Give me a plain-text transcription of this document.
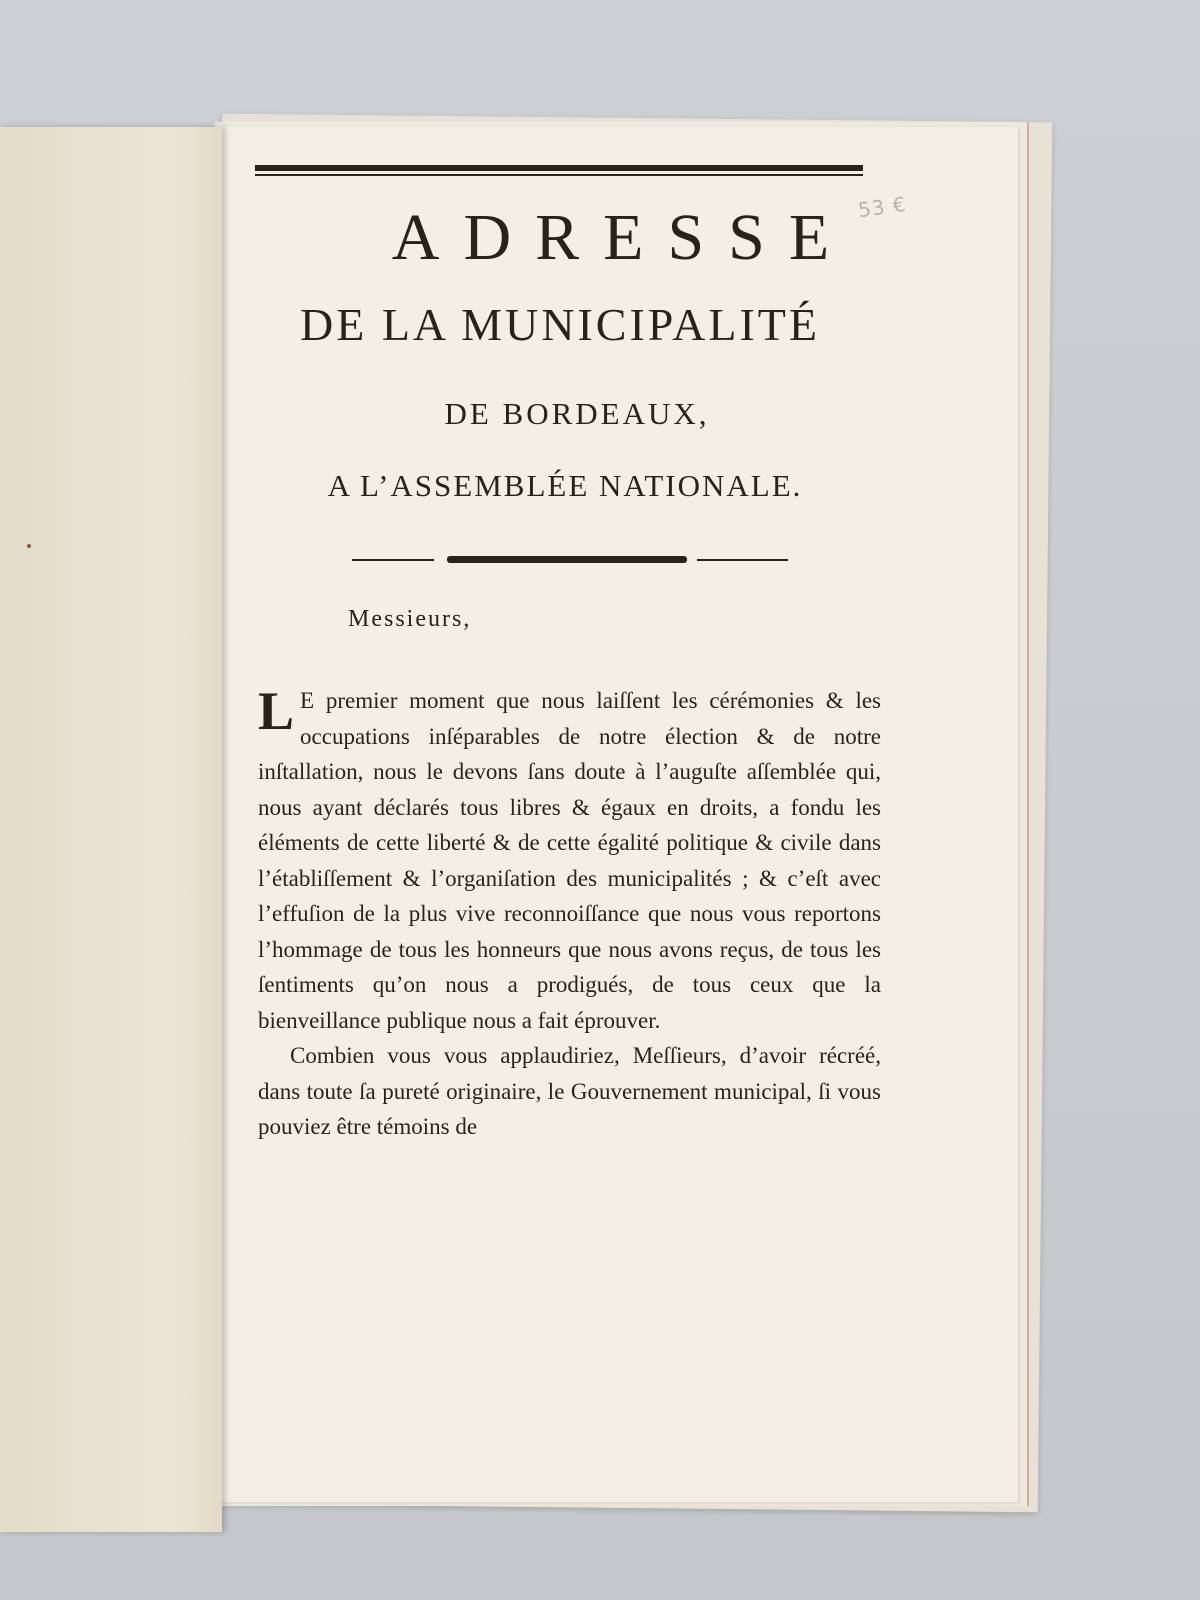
53 €
ADRESSE
DE LA MUNICIPALITÉ
DE BORDEAUX,
A L’ASSEMBLÉE NATIONALE.
Messieurs,

L E premier moment que nous laiſſent les cérémonies & les occupations inſéparables de notre élection & de notre inſtallation, nous le devons ſans doute à l’auguſte aſſemblée qui, nous ayant déclarés tous libres & égaux en droits, a fondu les éléments de cette liberté & de cette égalité politique & civile dans l’établiſſement & l’organiſation des municipalités ; & c’eſt avec l’effuſion de la plus vive reconnoiſſance que nous vous reportons l’hommage de tous les honneurs que nous avons reçus, de tous les ſentiments qu’on nous a prodigués, de tous ceux que la bienveillance publique nous a fait éprouver.

Combien vous vous applaudiriez, Meſſieurs, d’avoir récréé, dans toute ſa pureté originaire, le Gouvernement municipal, ſi vous pouviez être témoins de
